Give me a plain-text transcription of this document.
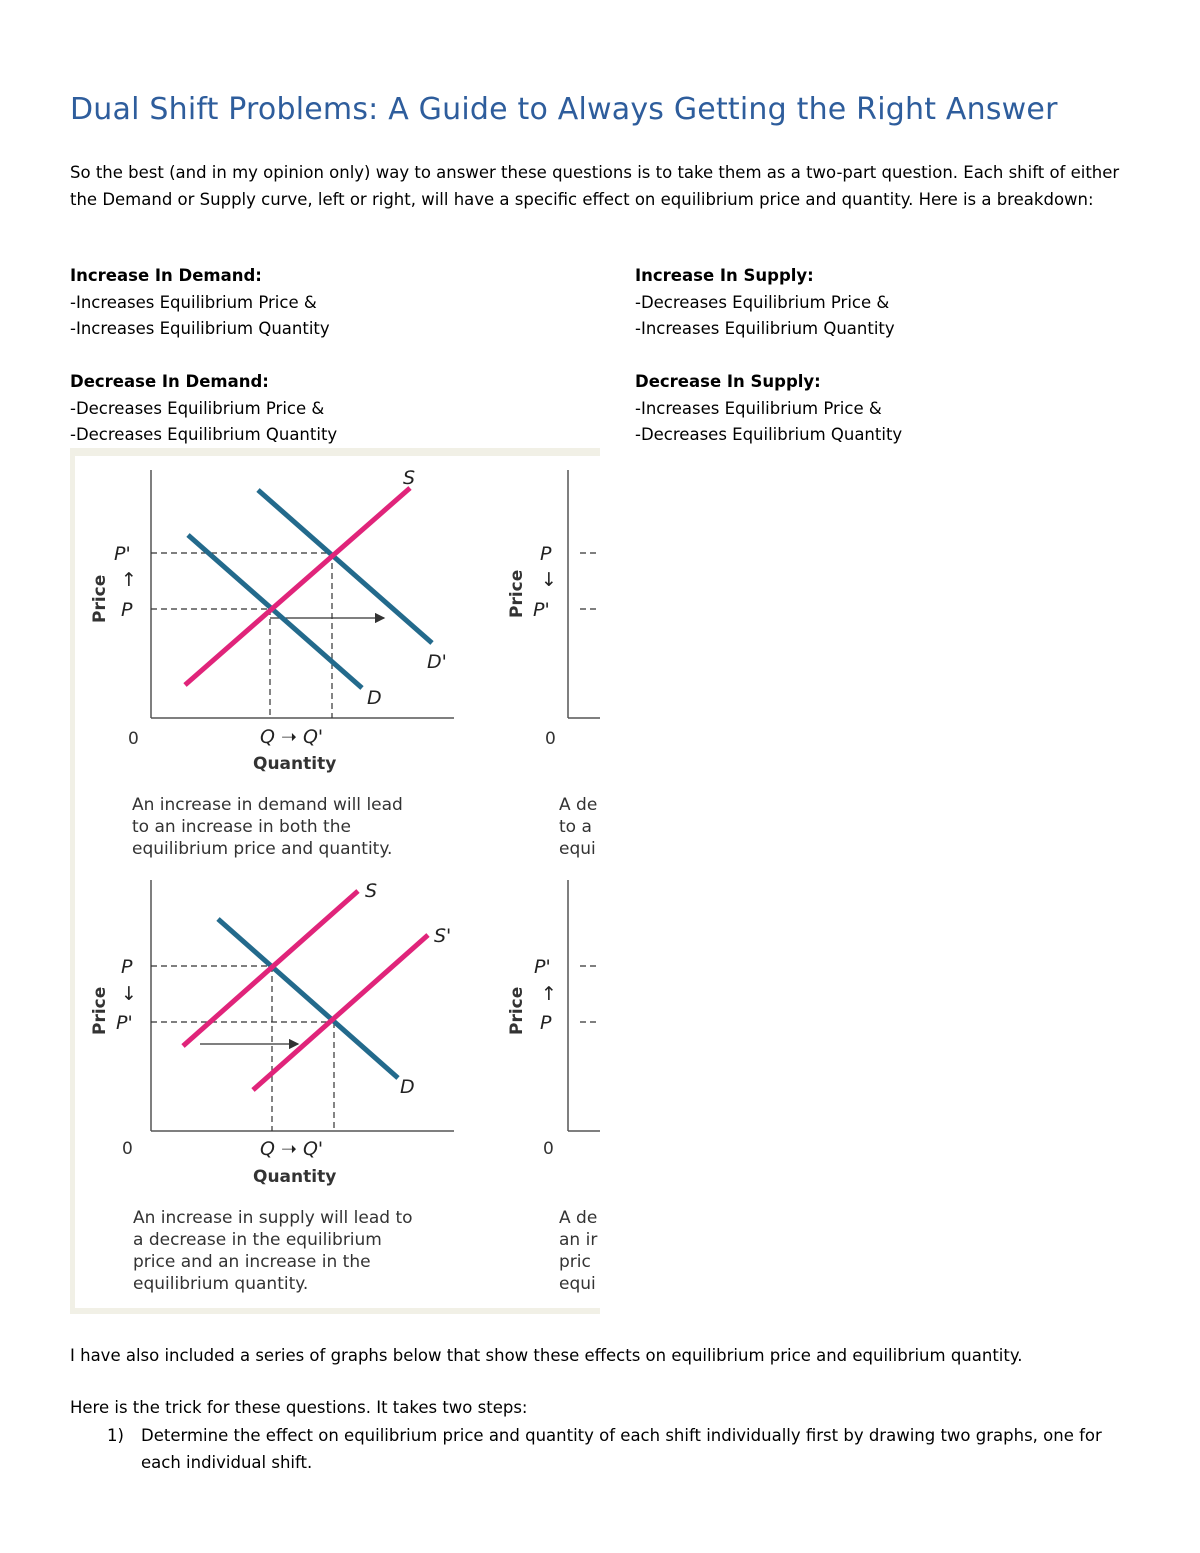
Dual Shift Problems: A Guide to Always Getting the Right Answer

So the best (and in my opinion only) way to answer these questions is to take them as a two-part question. Each shift of either the Demand or Supply curve, left or right, will have a specific effect on equilibrium price and quantity. Here is a breakdown:

Increase In Demand:
-Increases Equilibrium Price &
-Increases Equilibrium Quantity
Increase In Supply:
-Decreases Equilibrium Price &
-Increases Equilibrium Quantity
Decrease In Demand:
-Decreases Equilibrium Price &
-Decreases Equilibrium Quantity
Decrease In Supply:
-Increases Equilibrium Price &
-Decreases Equilibrium Quantity
S
D
D'
P'
↑
P
Price
0	Q ➝ Q'
Quantity
An increase in demand will lead
to an increase in both the
equilibrium price and quantity.
S
S'
D
P
↓
P'
Price
0	Q ➝ Q'
Quantity
An increase in supply will lead to
a decrease in the equilibrium
price and an increase in the
equilibrium quantity.
P
↓
P'
Price
0
A de
to a
equi
P'
↑
P
Price
0
A de
an ir
pric
equi

I have also included a series of graphs below that show these effects on equilibrium price and equilibrium quantity.

Here is the trick for these questions. It takes two steps:

1) Determine the effect on equilibrium price and quantity of each shift individually first by drawing two graphs, one for each individual shift.
